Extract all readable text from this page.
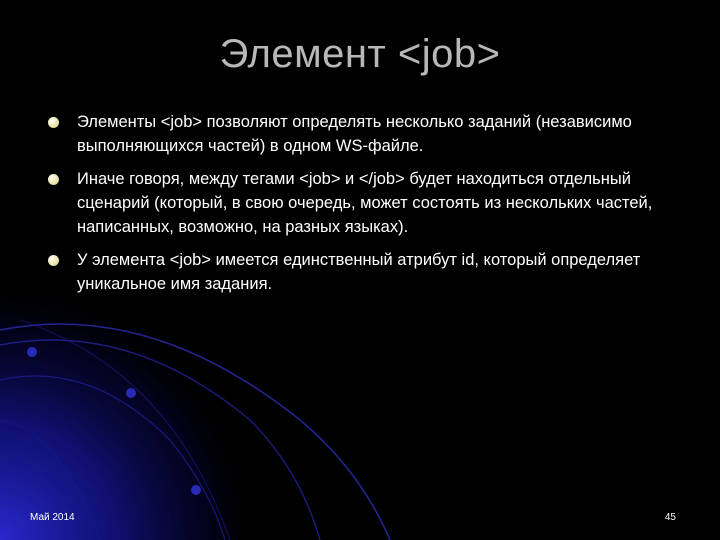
Элемент <job>
Элементы <job> позволяют определять несколько заданий (независимо выполняющихся частей) в одном WS-файле.
Иначе говоря, между тегами <job> и </job> будет находиться отдельный сценарий (который, в свою очередь, может состоять из нескольких частей, написанных, возможно, на разных языках).
У элемента <job> имеется единственный атрибут id, который определяет уникальное имя задания.
Май 2014	45
